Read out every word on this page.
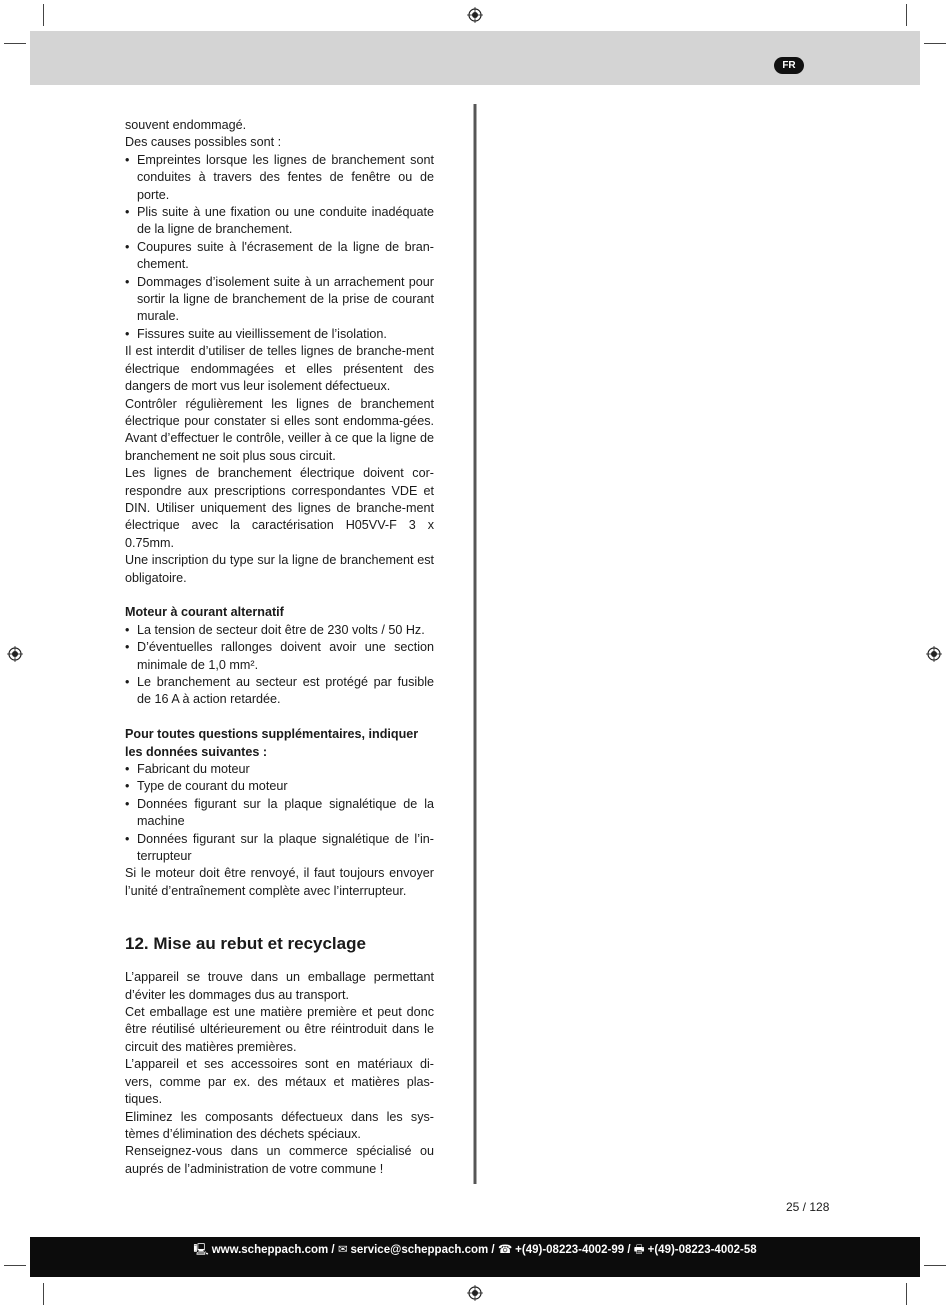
FR

souvent endommagé.

Des causes possibles sont :

• Empreintes lorsque les lignes de branchement sont conduites à travers des fentes de fenêtre ou de porte.
• Plis suite à une fixation ou une conduite inadéquate de la ligne de branchement.
• Coupures suite à l'écrasement de la ligne de bran-chement.
• Dommages d’isolement suite à un arrachement pour sortir la ligne de branchement de la prise de courant murale.
• Fissures suite au vieillissement de l’isolation.

Il est interdit d’utiliser de telles lignes de branche-ment électrique endommagées et elles présentent des dangers de mort vus leur isolement défectueux.

Contrôler régulièrement les lignes de branchement électrique pour constater si elles sont endomma-gées. Avant d’effectuer le contrôle, veiller à ce que la ligne de branchement ne soit plus sous circuit.

Les lignes de branchement électrique doivent cor-respondre aux prescriptions correspondantes VDE et DIN. Utiliser uniquement des lignes de branche-ment électrique avec la caractérisation H05VV-F 3 x 0.75mm.

Une inscription du type sur la ligne de branchement est obligatoire.

Moteur à courant alternatif

• La tension de secteur doit être de 230 volts / 50 Hz.
• D’éventuelles rallonges doivent avoir une section minimale de 1,0 mm².
• Le branchement au secteur est protégé par fusible de 16 A à action retardée.

Pour toutes questions supplémentaires, indiquer les données suivantes :

• Fabricant du moteur
• Type de courant du moteur
• Données figurant sur la plaque signalétique de la machine
• Données figurant sur la plaque signalétique de l’in-terrupteur

Si le moteur doit être renvoyé, il faut toujours envoyer l’unité d’entraînement complète avec l’interrupteur.

12. Mise au rebut et recyclage

L’appareil se trouve dans un emballage permettant d’éviter les dommages dus au transport.

Cet emballage est une matière première et peut donc être réutilisé ultérieurement ou être réintroduit dans le circuit des matières premières.

L’appareil et ses accessoires sont en matériaux di-vers, comme par ex. des métaux et matières plas-tiques.

Eliminez les composants défectueux dans les sys-tèmes d’élimination des déchets spéciaux.

Renseignez-vous dans un commerce spécialisé ou auprés de l’administration de votre commune !

25 / 128
🖳 www.scheppach.com / ✉ service@scheppach.com / ☎ +(49)-08223-4002-99 / 🖶 +(49)-08223-4002-58
